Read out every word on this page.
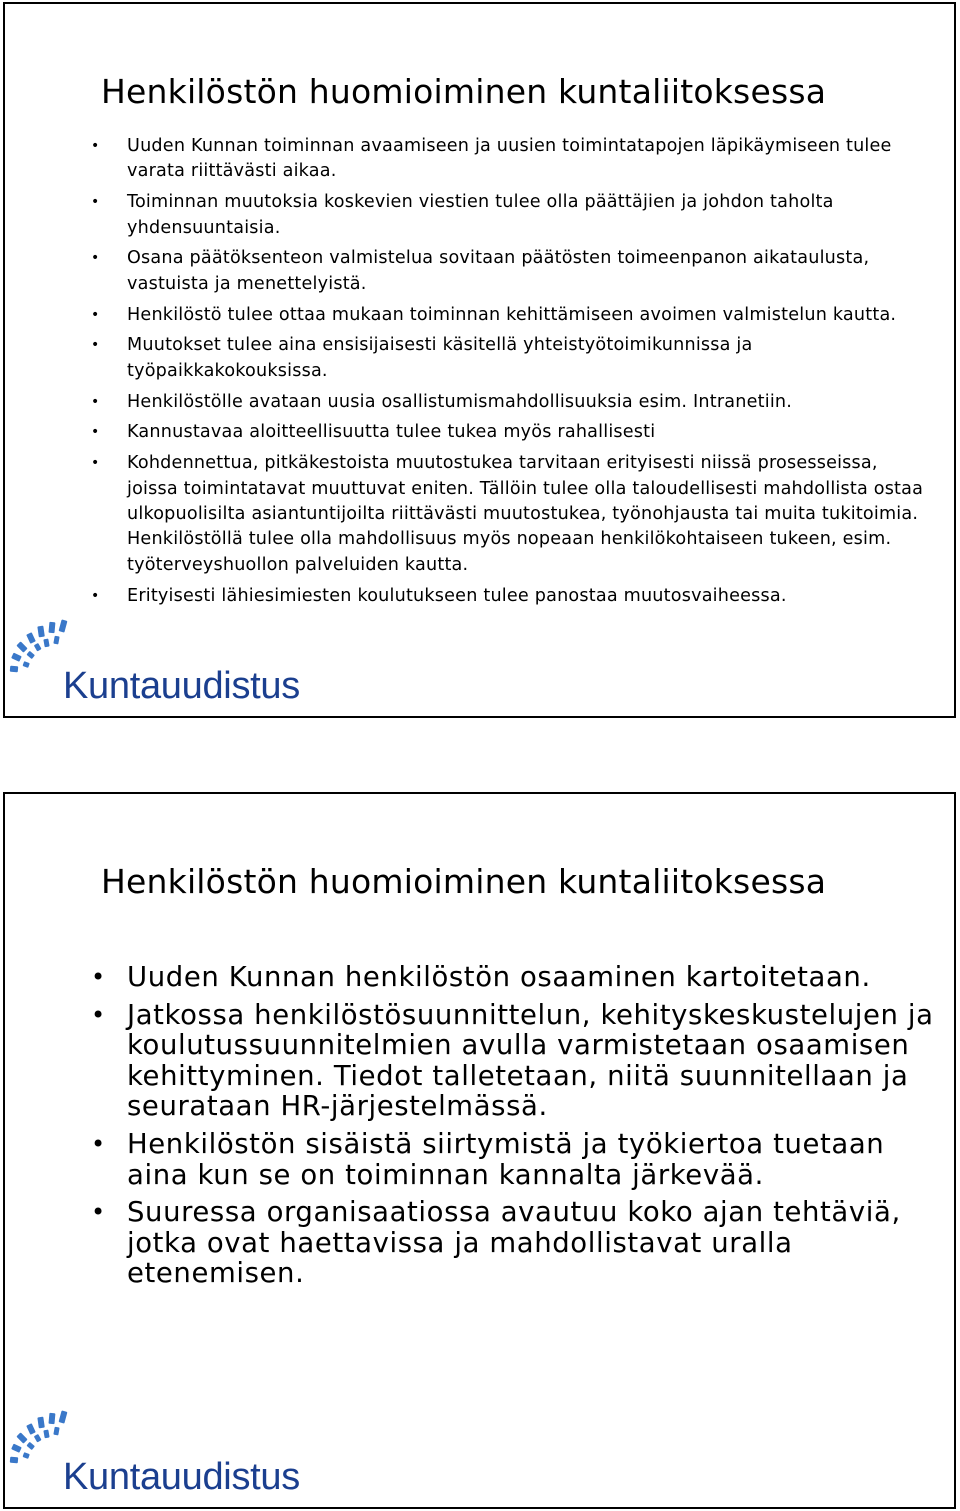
Henkilöstön huomioiminen kuntaliitoksessa
• Uuden Kunnan toiminnan avaamiseen ja uusien toimintatapojen läpikäymiseen tulee varata riittävästi aikaa.
• Toiminnan muutoksia koskevien viestien tulee olla päättäjien ja johdon taholta yhdensuuntaisia.
• Osana päätöksenteon valmistelua sovitaan päätösten toimeenpanon aikataulusta, vastuista ja menettelyistä.
• Henkilöstö tulee ottaa mukaan toiminnan kehittämiseen avoimen valmistelun kautta.
• Muutokset tulee aina ensisijaisesti käsitellä yhteistyötoimikunnissa ja työpaikkakokouksissa.
• Henkilöstölle avataan uusia osallistumismahdollisuuksia esim. Intranetiin.
• Kannustavaa aloitteellisuutta tulee tukea myös rahallisesti
• Kohdennettua, pitkäkestoista muutostukea tarvitaan erityisesti niissä prosesseissa, joissa toimintatavat muuttuvat eniten. Tällöin tulee olla taloudellisesti mahdollista ostaa ulkopuolisilta asiantuntijoilta riittävästi muutostukea, työnohjausta tai muita tukitoimia. Henkilöstöllä tulee olla mahdollisuus myös nopeaan henkilökohtaiseen tukeen, esim. työterveyshuollon palveluiden kautta.
• Erityisesti lähiesimiesten koulutukseen tulee panostaa muutosvaiheessa.
Kuntauudistus
Henkilöstön huomioiminen kuntaliitoksessa
• Uuden Kunnan henkilöstön osaaminen kartoitetaan.
• Jatkossa henkilöstösuunnittelun, kehityskeskustelujen ja koulutussuunnitelmien avulla varmistetaan osaamisen kehittyminen. Tiedot talletetaan, niitä suunnitellaan ja seurataan HR-järjestelmässä.
• Henkilöstön sisäistä siirtymistä ja työkiertoa tuetaan aina kun se on toiminnan kannalta järkevää.
• Suuressa organisaatiossa avautuu koko ajan tehtäviä, jotka ovat haettavissa ja mahdollistavat uralla etenemisen.
Kuntauudistus
